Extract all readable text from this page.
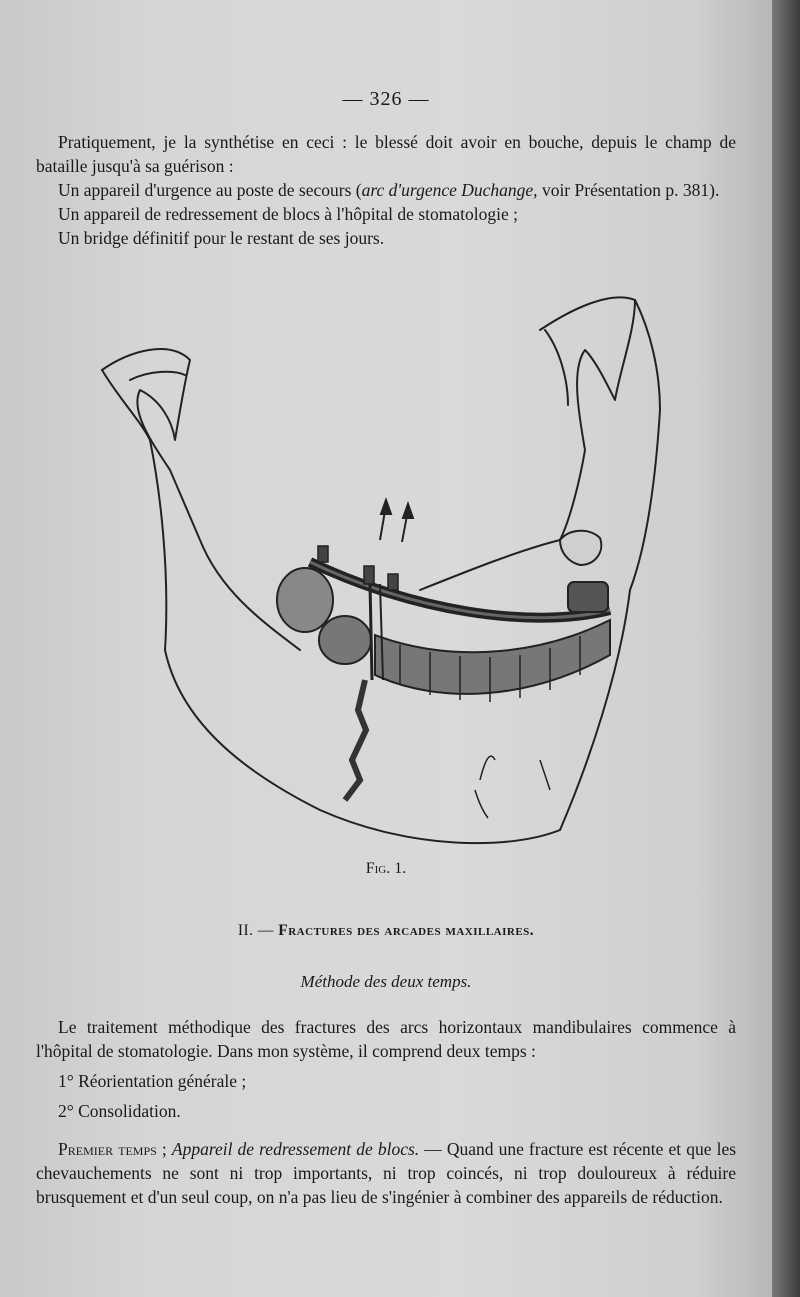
— 326 —

Pratiquement, je la synthétise en ceci : le blessé doit avoir en bouche, depuis le champ de bataille jusqu'à sa guérison :

Un appareil d'urgence au poste de secours (arc d'urgence Duchange, voir Présentation p. 381).

Un appareil de redressement de blocs à l'hôpital de stomatologie ;

Un bridge définitif pour le restant de ses jours.

Fig. 1.
II. — Fractures des arcades maxillaires.
Méthode des deux temps.

Le traitement méthodique des fractures des arcs horizontaux mandibulaires commence à l'hôpital de stomatologie. Dans mon système, il comprend deux temps :

1° Réorientation générale ;

2° Consolidation.

Premier temps ; Appareil de redressement de blocs. — Quand une fracture est récente et que les chevauchements ne sont ni trop importants, ni trop coincés, ni trop douloureux à réduire brusquement et d'un seul coup, on n'a pas lieu de s'ingénier à combiner des appareils de réduction.
